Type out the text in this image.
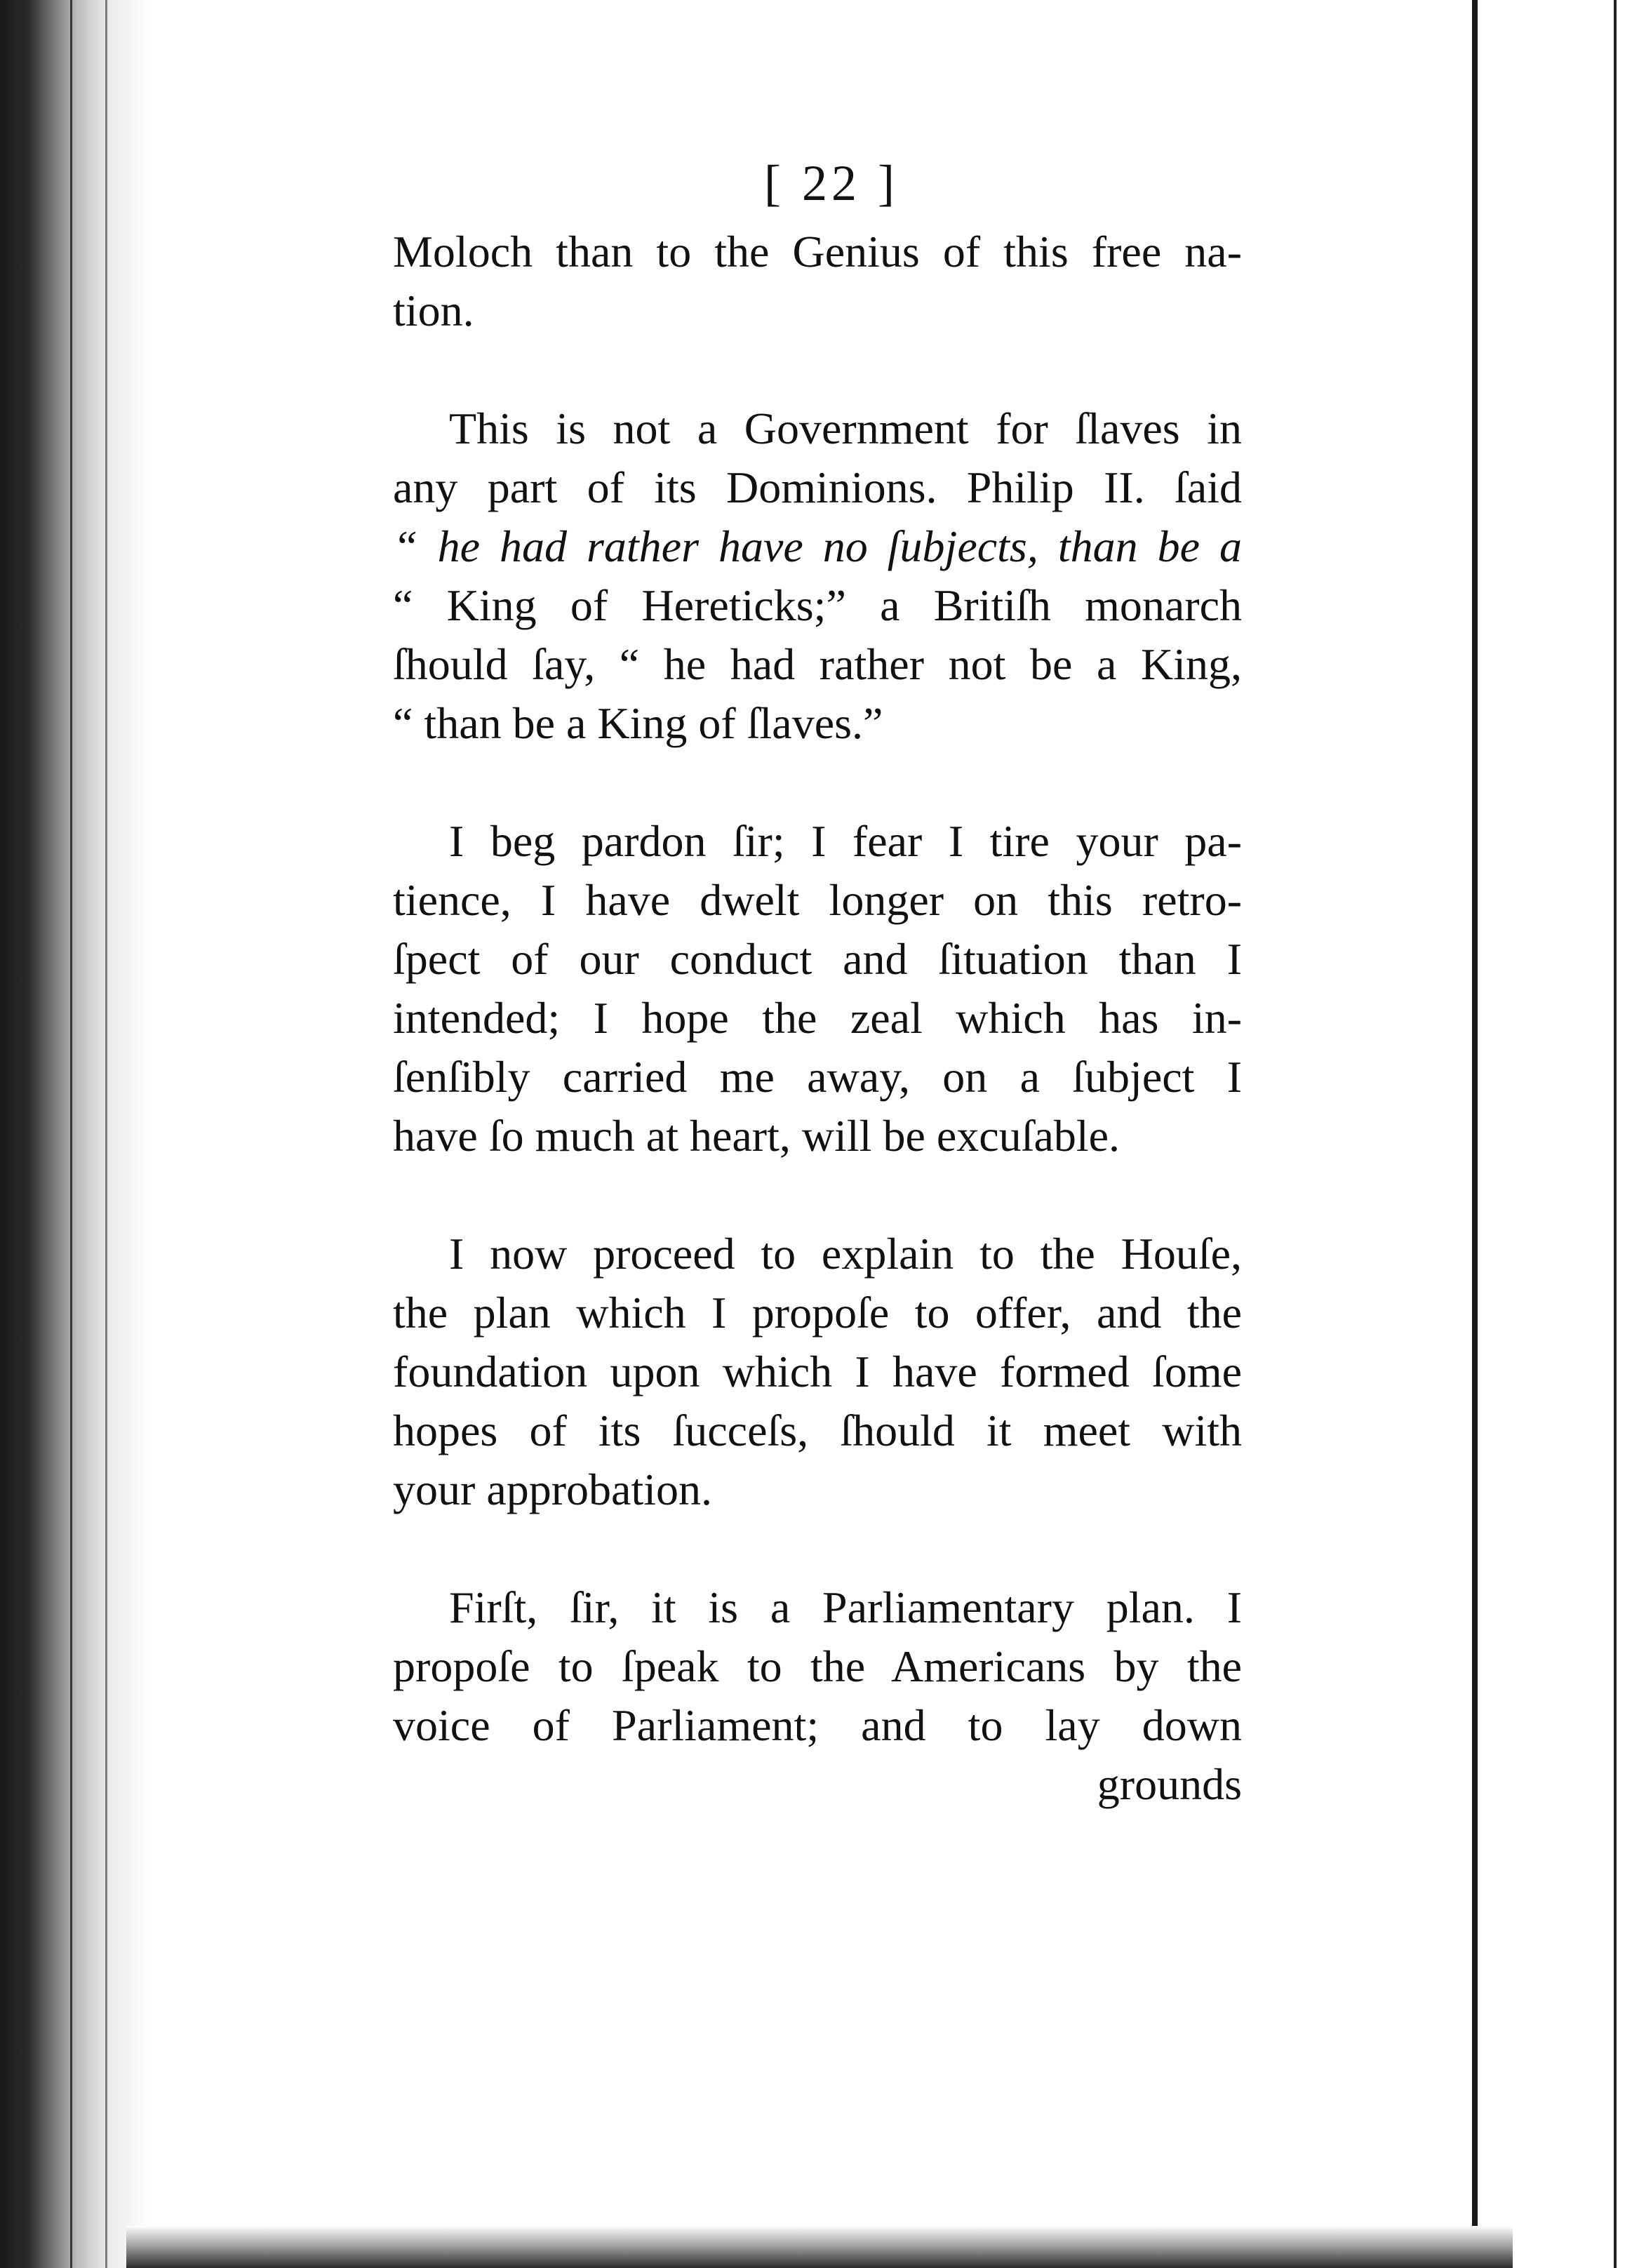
[ 22 ]
Moloch than to the Genius of this free na-
tion.
This is not a Government for ſlaves in
any part of its Dominions. Philip II. ſaid
“ he had rather have no ſubjects, than be a
“ King of Hereticks;” a Britiſh monarch
ſhould ſay, “ he had rather not be a King,
“ than be a King of ſlaves.”
I beg pardon ſir; I fear I tire your pa-
tience, I have dwelt longer on this retro-
ſpect of our conduct and ſituation than I
intended; I hope the zeal which has in-
ſenſibly carried me away, on a ſubject I
have ſo much at heart, will be excuſable.
I now proceed to explain to the Houſe,
the plan which I propoſe to offer, and the
foundation upon which I have formed ſome
hopes of its ſucceſs, ſhould it meet with
your approbation.
Firſt, ſir, it is a Parliamentary plan. I
propoſe to ſpeak to the Americans by the
voice of Parliament; and to lay down
grounds
